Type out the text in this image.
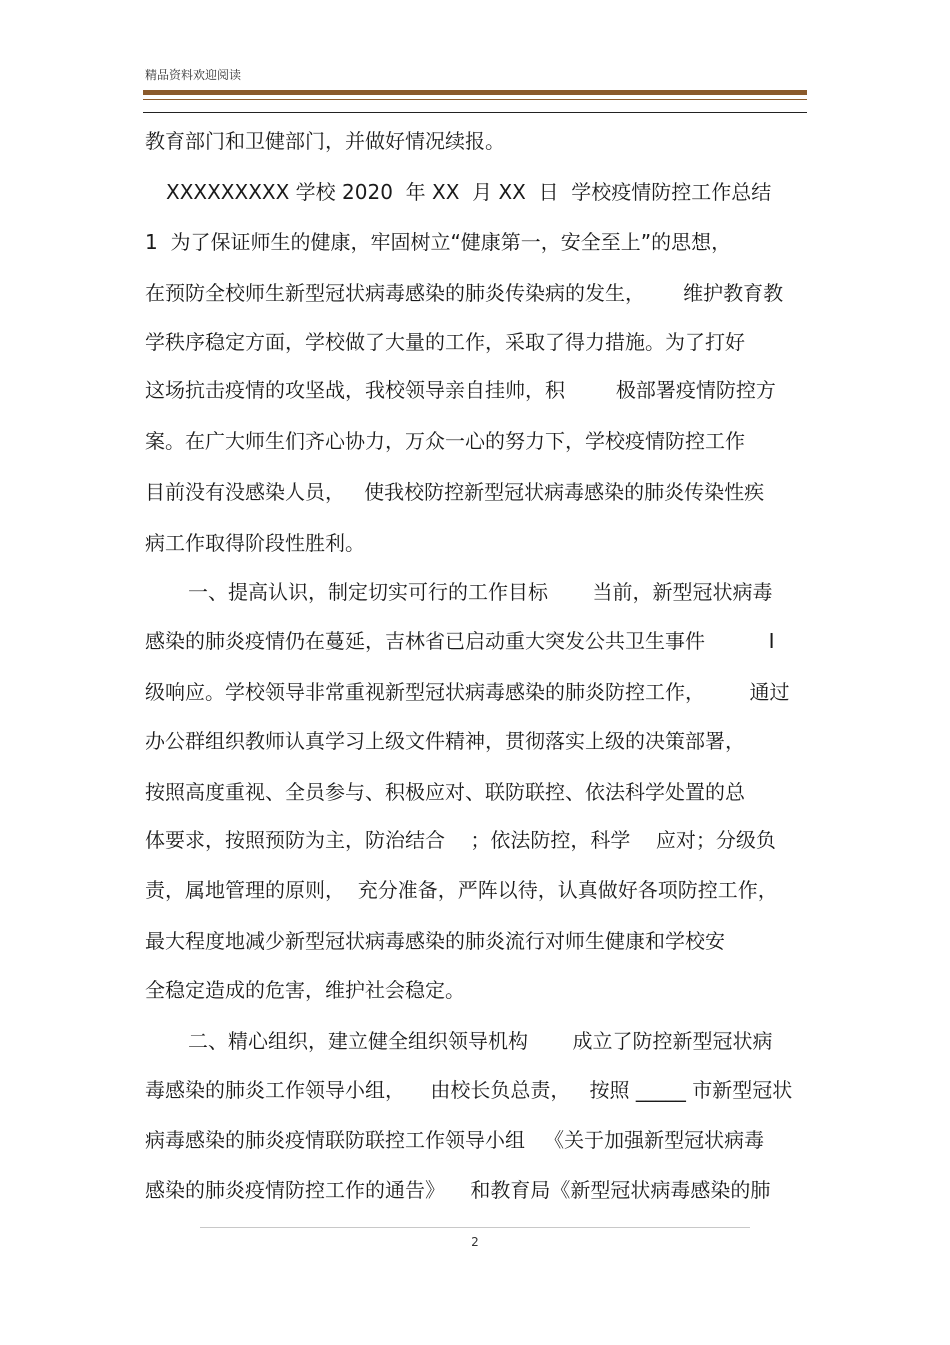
精品资料欢迎阅读
教育部门和卫健部门，并做好情况续报。
XXXXXXXXX 学校 2020  年 XX  月 XX  日  学校疫情防控工作总结
1  为了保证师生的健康，牢固树立“健康第一，安全至上”的思想，
在预防全校师生新型冠状病毒感染的肺炎传染病的发生，      维护教育教
学秩序稳定方面，学校做了大量的工作，采取了得力措施。为了打好
这场抗击疫情的攻坚战，我校领导亲自挂帅，积        极部署疫情防控方
案。在广大师生们齐心协力，万众一心的努力下，学校疫情防控工作
目前没有没感染人员，   使我校防控新型冠状病毒感染的肺炎传染性疾
病工作取得阶段性胜利。
一、提高认识，制定切实可行的工作目标       当前，新型冠状病毒
感染的肺炎疫情仍在蔓延，吉林省已启动重大突发公共卫生事件          Ⅰ
级响应。学校领导非常重视新型冠状病毒感染的肺炎防控工作，       通过
办公群组织教师认真学习上级文件精神，贯彻落实上级的决策部署，
按照高度重视、全员参与、积极应对、联防联控、依法科学处置的总
体要求，按照预防为主，防治结合    ；依法防控，科学    应对；分级负
责，属地管理的原则，  充分准备，严阵以待，认真做好各项防控工作，
最大程度地减少新型冠状病毒感染的肺炎流行对师生健康和学校安
全稳定造成的危害，维护社会稳定。
二、精心组织，建立健全组织领导机构       成立了防控新型冠状病
毒感染的肺炎工作领导小组，    由校长负总责，   按照 _____ 市新型冠状
病毒感染的肺炎疫情联防联控工作领导小组   《关于加强新型冠状病毒
感染的肺炎疫情防控工作的通告》    和教育局《新型冠状病毒感染的肺
2
